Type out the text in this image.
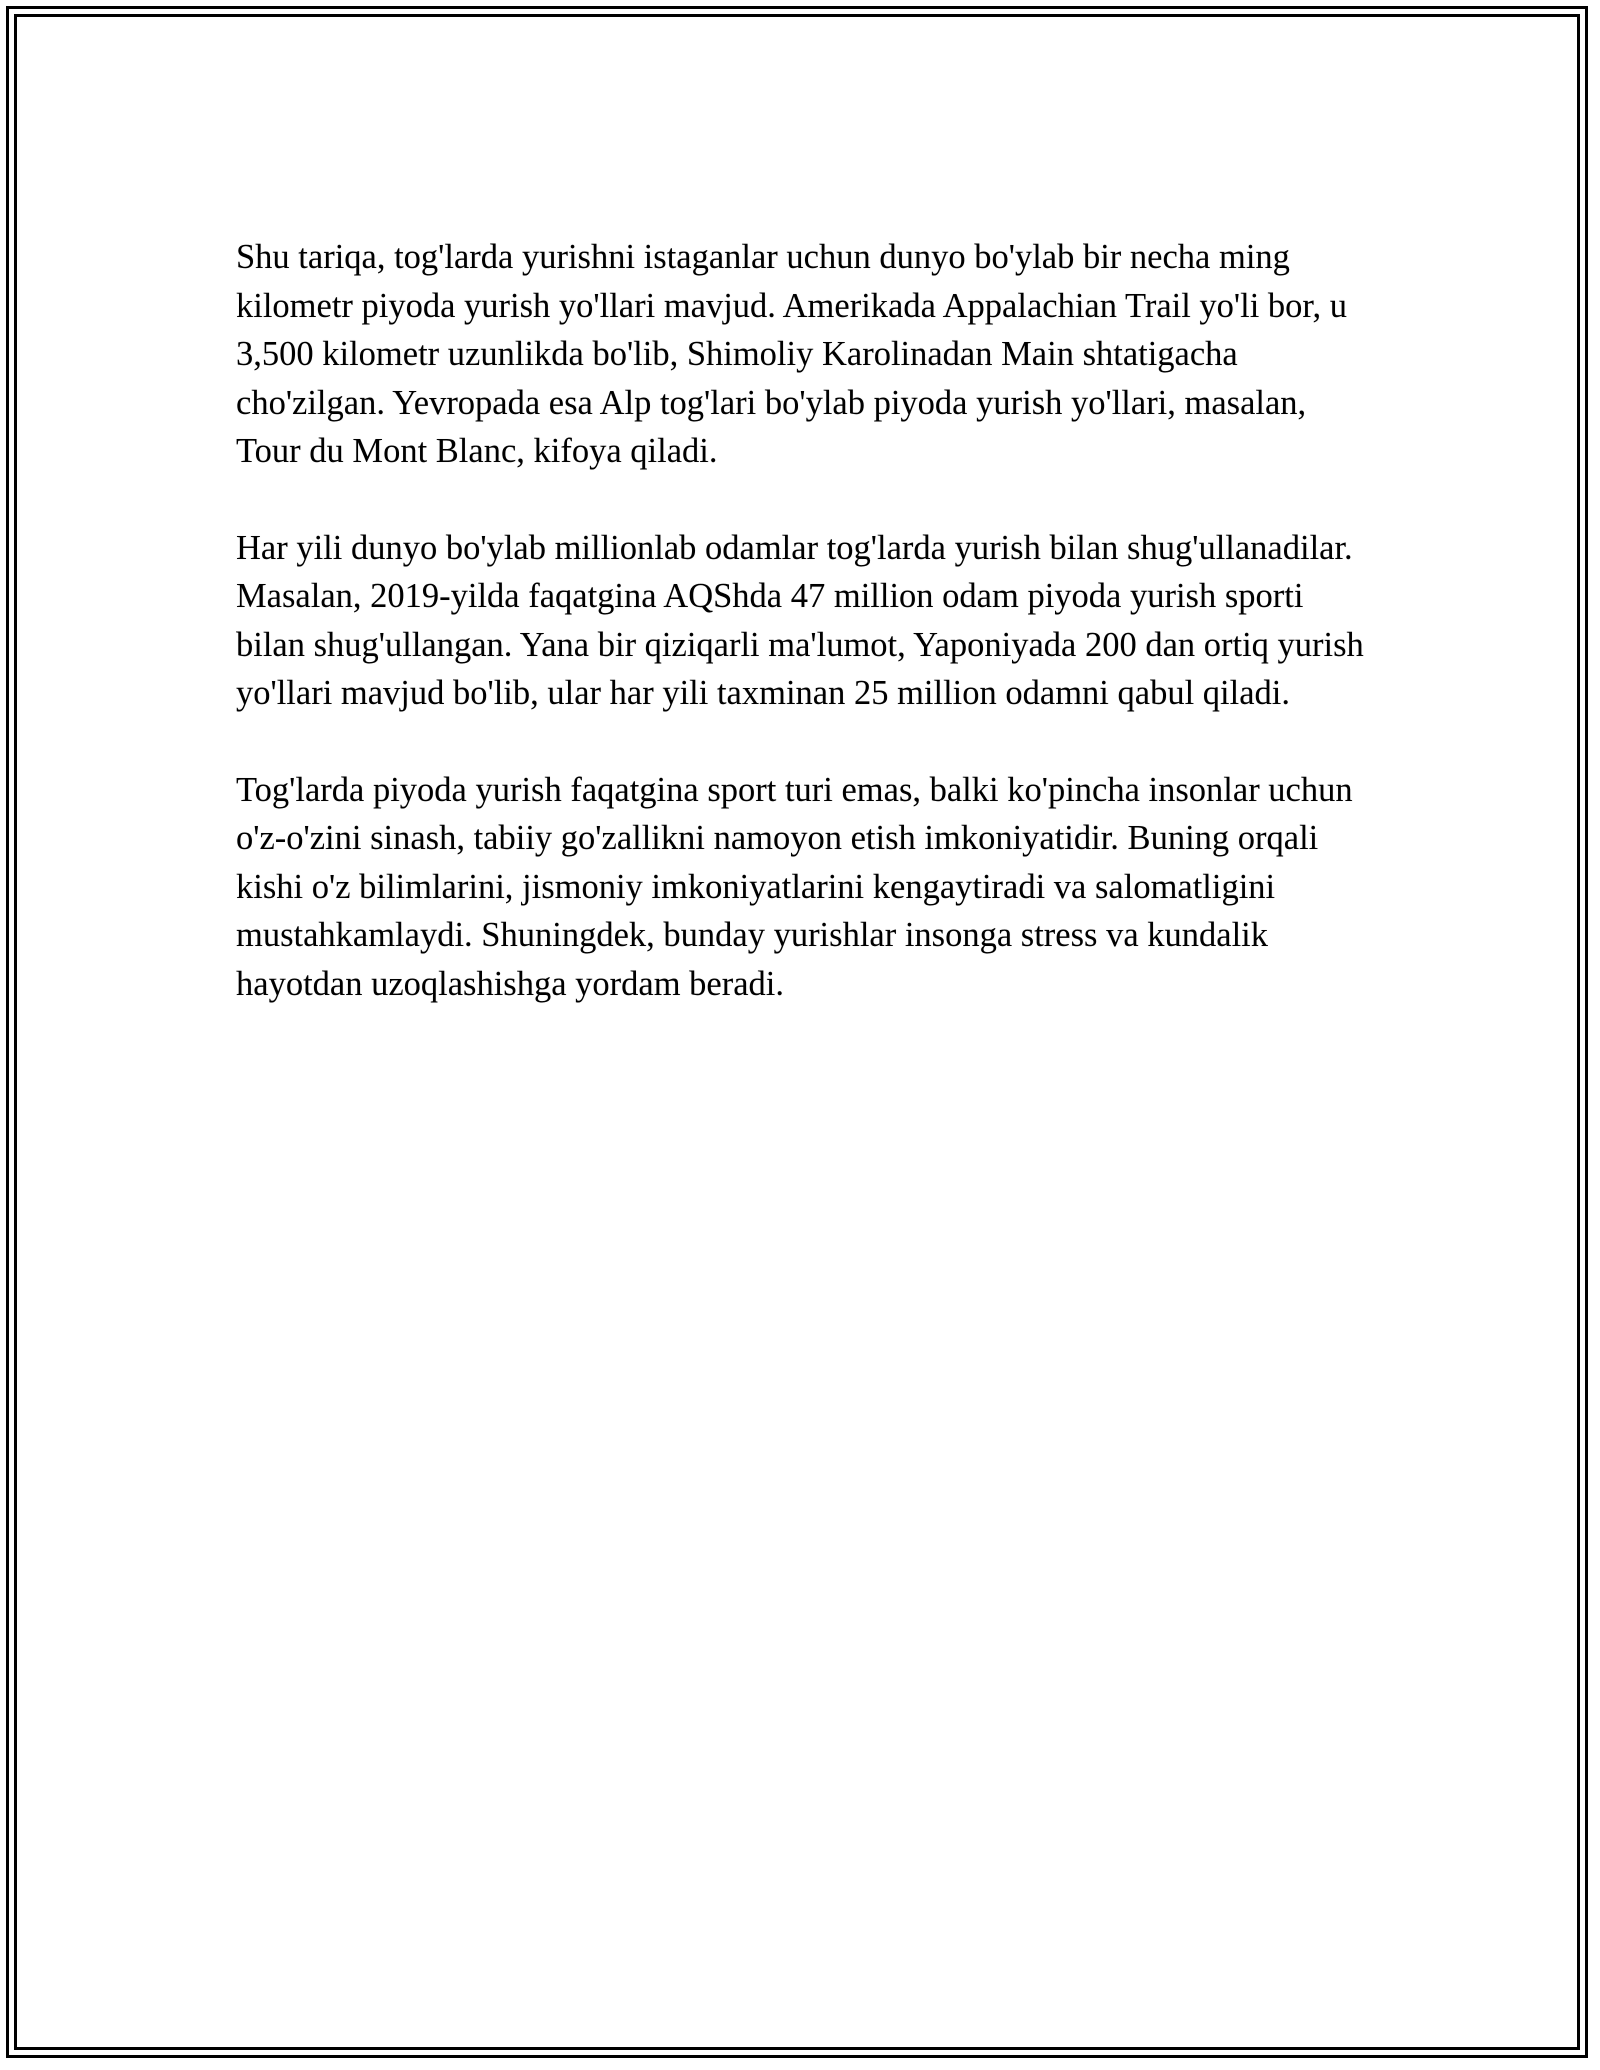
Shu tariqa, tog'larda yurishni istaganlar uchun dunyo bo'ylab bir necha ming kilometr piyoda yurish yo'llari mavjud. Amerikada Appalachian Trail yo'li bor, u 3,500 kilometr uzunlikda bo'lib, Shimoliy Karolinadan Main shtatigacha cho'zilgan. Yevropada esa Alp tog'lari bo'ylab piyoda yurish yo'llari, masalan, Tour du Mont Blanc, kifoya qiladi.

Har yili dunyo bo'ylab millionlab odamlar tog'larda yurish bilan shug'ullanadilar. Masalan, 2019-yilda faqatgina AQShda 47 million odam piyoda yurish sporti bilan shug'ullangan. Yana bir qiziqarli ma'lumot, Yaponiyada 200 dan ortiq yurish yo'llari mavjud bo'lib, ular har yili taxminan 25 million odamni qabul qiladi.

Tog'larda piyoda yurish faqatgina sport turi emas, balki ko'pincha insonlar uchun o'z-o'zini sinash, tabiiy go'zallikni namoyon etish imkoniyatidir. Buning orqali kishi o'z bilimlarini, jismoniy imkoniyatlarini kengaytiradi va salomatligini mustahkamlaydi. Shuningdek, bunday yurishlar insonga stress va kundalik hayotdan uzoqlashishga yordam beradi.
